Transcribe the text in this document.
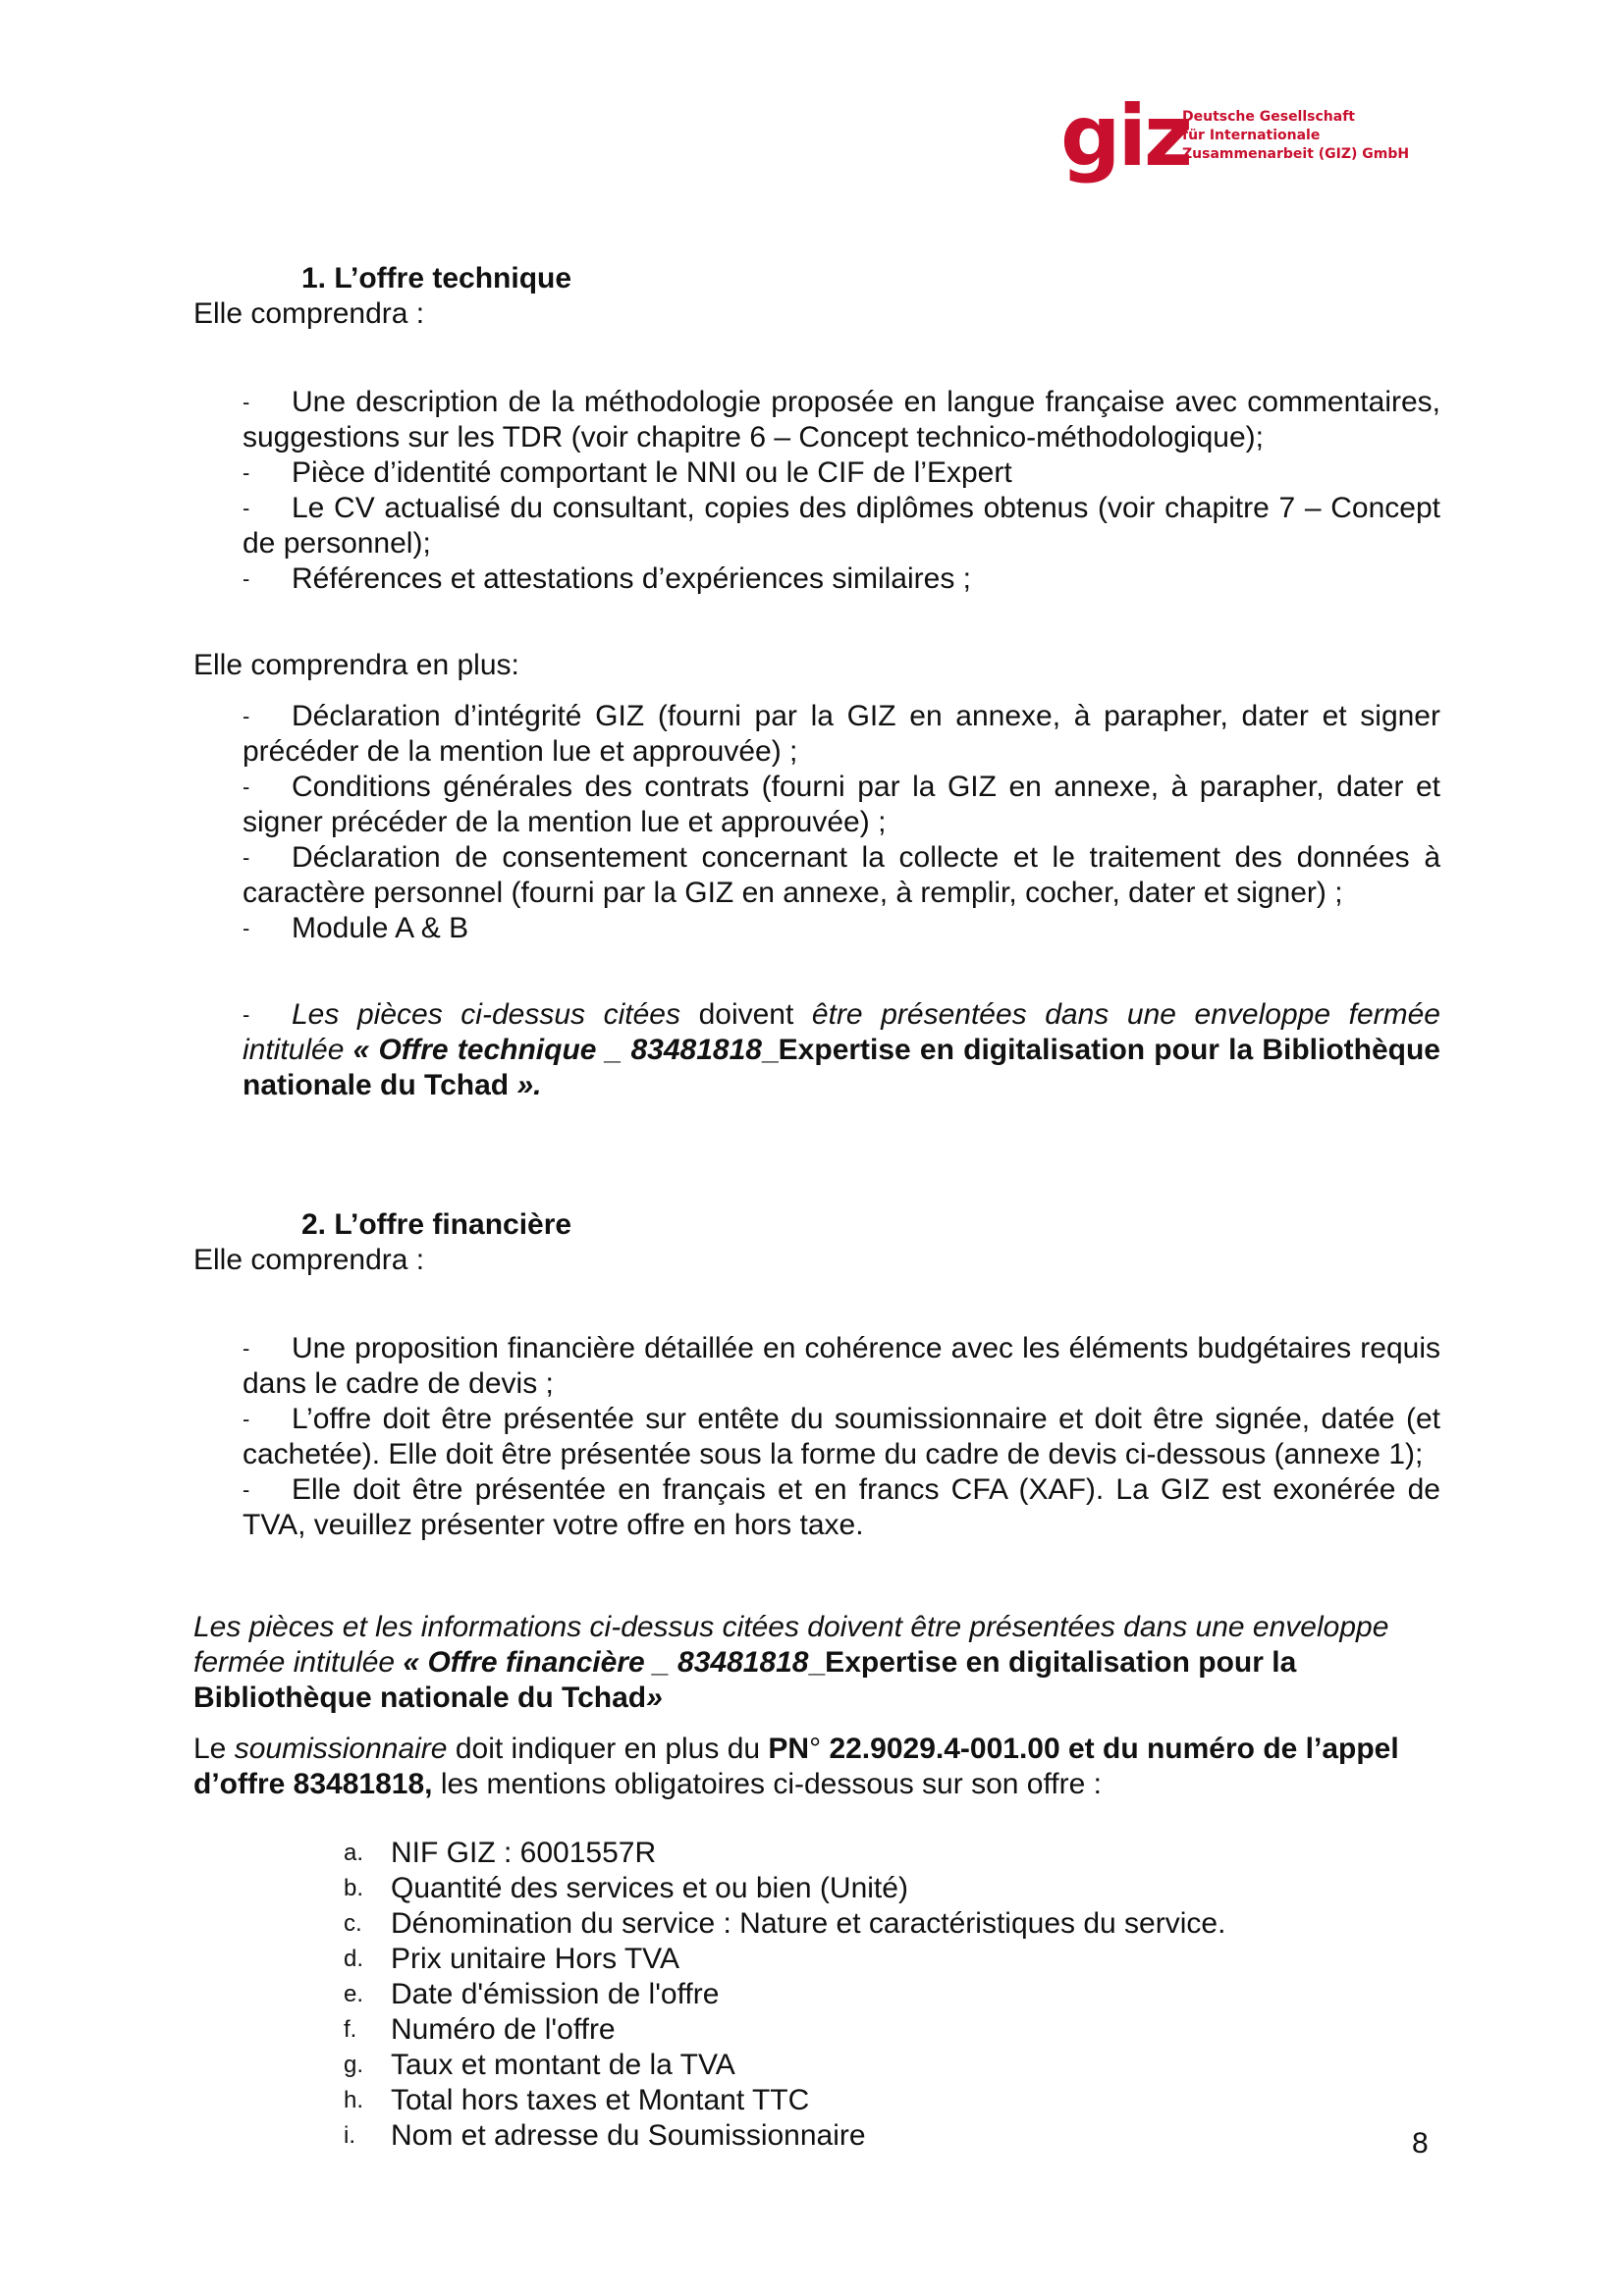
giz
Deutsche Gesellschaft
für Internationale
Zusammenarbeit (GIZ) GmbH
1. L’offre technique
Elle comprendra :
- Une description de la méthodologie proposée en langue française avec commentaires, suggestions sur les TDR (voir chapitre 6 – Concept technico-méthodologique);
- Pièce d’identité comportant le NNI ou le CIF de l’Expert
- Le CV actualisé du consultant, copies des diplômes obtenus (voir chapitre 7 – Concept de personnel);
- Références et attestations d’expériences similaires ;
Elle comprendra en plus:
- Déclaration d’intégrité GIZ (fourni par la GIZ en annexe, à parapher, dater et signer précéder de la mention lue et approuvée) ;
- Conditions générales des contrats (fourni par la GIZ en annexe, à parapher, dater et signer précéder de la mention lue et approuvée) ;
- Déclaration de consentement concernant la collecte et le traitement des données à caractère personnel (fourni par la GIZ en annexe, à remplir, cocher, dater et signer) ;
- Module A & B
- Les pièces ci-dessus citées doivent être présentées dans une enveloppe fermée intitulée « Offre technique _ 83481818_Expertise en digitalisation pour la Bibliothèque nationale du Tchad ».
2. L’offre financière
Elle comprendra :
- Une proposition financière détaillée en cohérence avec les éléments budgétaires requis dans le cadre de devis ;
- L’offre doit être présentée sur entête du soumissionnaire et doit être signée, datée (et cachetée). Elle doit être présentée sous la forme du cadre de devis ci-dessous (annexe 1);
- Elle doit être présentée en français et en francs CFA (XAF). La GIZ est exonérée de TVA, veuillez présenter votre offre en hors taxe.
Les pièces et les informations ci-dessus citées doivent être présentées dans une enveloppe fermée intitulée « Offre financière _ 83481818_Expertise en digitalisation pour la Bibliothèque nationale du Tchad»
Le soumissionnaire doit indiquer en plus du PN° 22.9029.4-001.00 et du numéro de l’appel d’offre 83481818, les mentions obligatoires ci-dessous sur son offre :
a. NIF GIZ : 6001557R
b. Quantité des services et ou bien (Unité)
c. Dénomination du service : Nature et caractéristiques du service.
d. Prix unitaire Hors TVA
e. Date d'émission de l'offre
f.	Numéro de l'offre
g. Taux et montant de la TVA
h. Total hors taxes et Montant TTC
i.	Nom et adresse du Soumissionnaire	8
